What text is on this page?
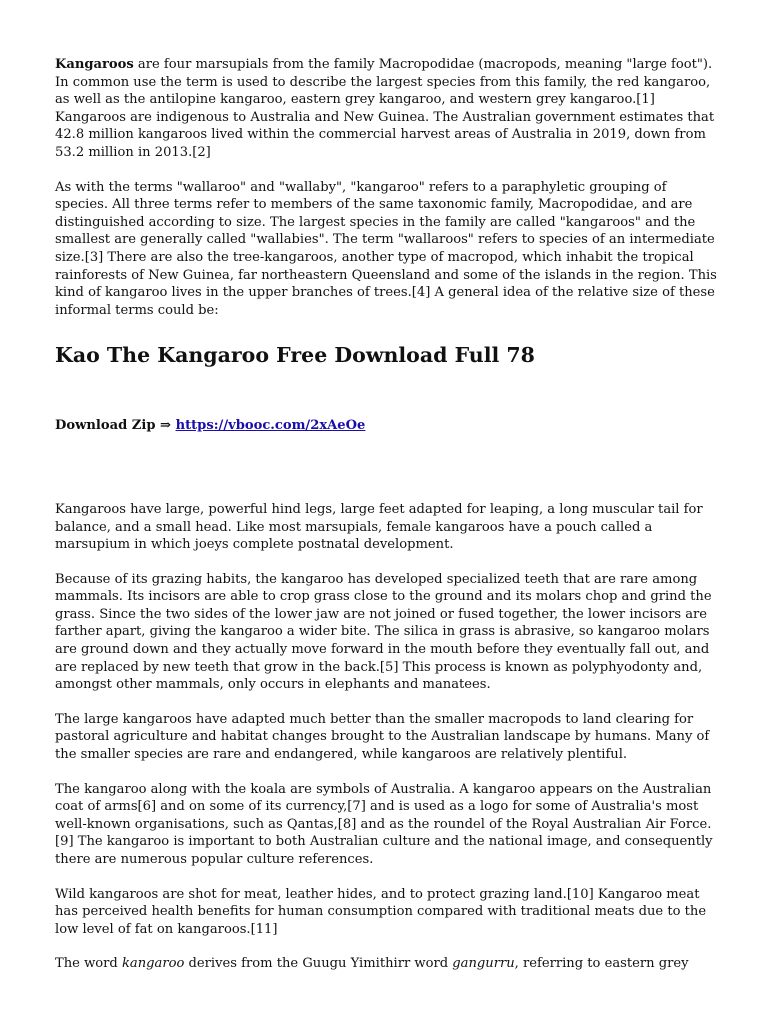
Kangaroos are four marsupials from the family Macropodidae (macropods, meaning "large foot"). In common use the term is used to describe the largest species from this family, the red kangaroo, as well as the antilopine kangaroo, eastern grey kangaroo, and western grey kangaroo.[1] Kangaroos are indigenous to Australia and New Guinea. The Australian government estimates that 42.8 million kangaroos lived within the commercial harvest areas of Australia in 2019, down from 53.2 million in 2013.[2]

As with the terms "wallaroo" and "wallaby", "kangaroo" refers to a paraphyletic grouping of species. All three terms refer to members of the same taxonomic family, Macropodidae, and are distinguished according to size. The largest species in the family are called "kangaroos" and the smallest are generally called "wallabies". The term "wallaroos" refers to species of an intermediate size.[3] There are also the tree-kangaroos, another type of macropod, which inhabit the tropical rainforests of New Guinea, far northeastern Queensland and some of the islands in the region. This kind of kangaroo lives in the upper branches of trees.[4] A general idea of the relative size of these informal terms could be:

Kao The Kangaroo Free Download Full 78
Download Zip ⇒ https://vbooc.com/2xAeOe

Kangaroos have large, powerful hind legs, large feet adapted for leaping, a long muscular tail for balance, and a small head. Like most marsupials, female kangaroos have a pouch called a marsupium in which joeys complete postnatal development.

Because of its grazing habits, the kangaroo has developed specialized teeth that are rare among mammals. Its incisors are able to crop grass close to the ground and its molars chop and grind the grass. Since the two sides of the lower jaw are not joined or fused together, the lower incisors are farther apart, giving the kangaroo a wider bite. The silica in grass is abrasive, so kangaroo molars are ground down and they actually move forward in the mouth before they eventually fall out, and are replaced by new teeth that grow in the back.[5] This process is known as polyphyodonty and, amongst other mammals, only occurs in elephants and manatees.

The large kangaroos have adapted much better than the smaller macropods to land clearing for pastoral agriculture and habitat changes brought to the Australian landscape by humans. Many of the smaller species are rare and endangered, while kangaroos are relatively plentiful.

The kangaroo along with the koala are symbols of Australia. A kangaroo appears on the Australian coat of arms[6] and on some of its currency,[7] and is used as a logo for some of Australia's most well-known organisations, such as Qantas,[8] and as the roundel of the Royal Australian Air Force.[9] The kangaroo is important to both Australian culture and the national image, and consequently there are numerous popular culture references.

Wild kangaroos are shot for meat, leather hides, and to protect grazing land.[10] Kangaroo meat has perceived health benefits for human consumption compared with traditional meats due to the low level of fat on kangaroos.[11]

The word kangaroo derives from the Guugu Yimithirr word gangurru, referring to eastern grey
